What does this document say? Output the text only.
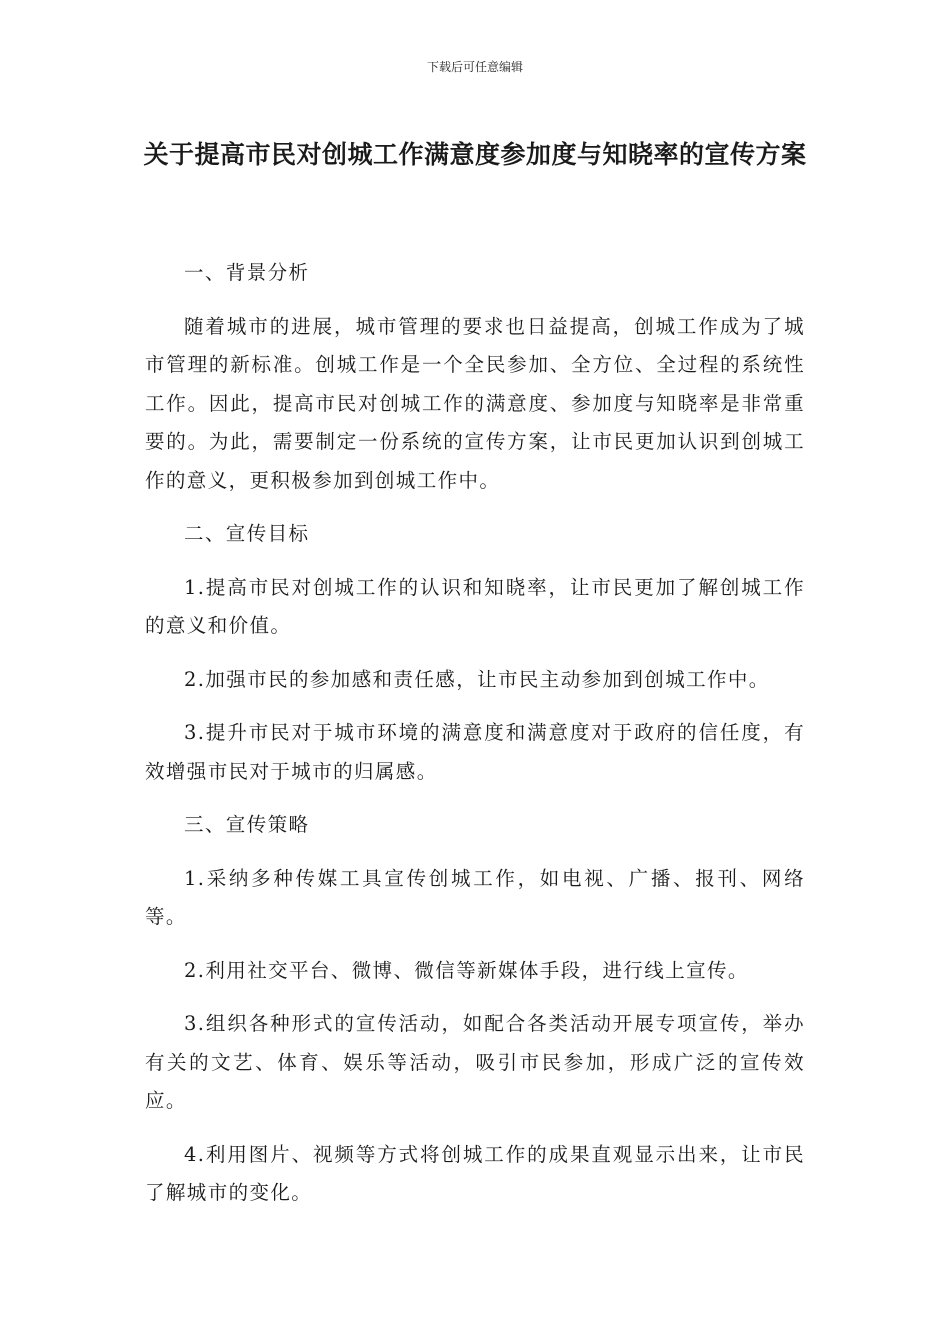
下载后可任意编辑
关于提高市民对创城工作满意度参加度与知晓率的宣传方案

一、背景分析

随着城市的进展，城市管理的要求也日益提高，创城工作成为了城市管理的新标准。创城工作是一个全民参加、全方位、全过程的系统性工作。因此，提高市民对创城工作的满意度、参加度与知晓率是非常重要的。为此，需要制定一份系统的宣传方案，让市民更加认识到创城工作的意义，更积极参加到创城工作中。

二、宣传目标

1.提高市民对创城工作的认识和知晓率，让市民更加了解创城工作的意义和价值。

2.加强市民的参加感和责任感，让市民主动参加到创城工作中。

3.提升市民对于城市环境的满意度和满意度对于政府的信任度，有效增强市民对于城市的归属感。

三、宣传策略

1.采纳多种传媒工具宣传创城工作，如电视、广播、报刊、网络等。

2.利用社交平台、微博、微信等新媒体手段，进行线上宣传。

3.组织各种形式的宣传活动，如配合各类活动开展专项宣传，举办有关的文艺、体育、娱乐等活动，吸引市民参加，形成广泛的宣传效应。

4.利用图片、视频等方式将创城工作的成果直观显示出来，让市民了解城市的变化。
